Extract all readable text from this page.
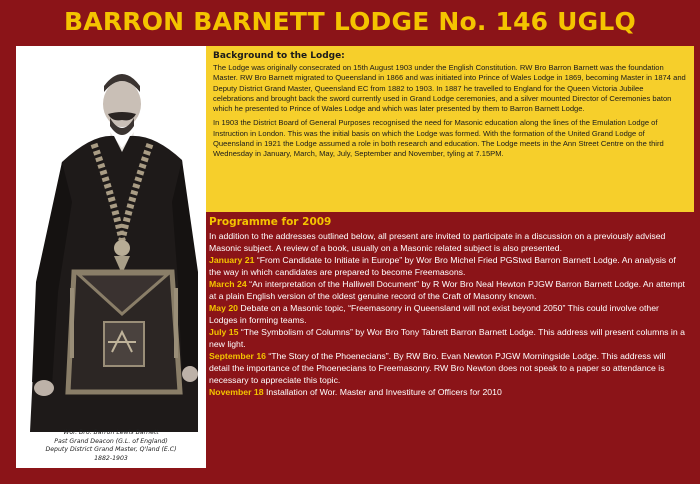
BARRON BARNETT LODGE No. 146 UGLQ
Wor. Bro. Barron Lewis Barnett
Past Grand Deacon (G.L. of England)
Deputy District Grand Master, Q'land (E.C)
1882-1903
Background to the Lodge:

The Lodge was originally consecrated on 15th August 1903 under the English Constitution. RW Bro Barron Barnett was the foundation Master. RW Bro Barnett migrated to Queensland in 1866 and was initiated into Prince of Wales Lodge in 1869, becoming Master in 1874 and Deputy District Grand Master, Queensland EC from 1882 to 1903. In 1887 he travelled to England for the Queen Victoria Jubilee celebrations and brought back the sword currently used in Grand Lodge ceremonies, and a silver mounted Director of Ceremonies baton which he presented to Prince of Wales Lodge and which was later presented by them to Barron Barnett Lodge.

In 1903 the District Board of General Purposes recognised the need for Masonic education along the lines of the Emulation Lodge of Instruction in London. This was the initial basis on which the Lodge was formed. With the formation of the United Grand Lodge of Queensland in 1921 the Lodge assumed a role in both research and education. The Lodge meets in the Ann Street Centre on the third Wednesday in January, March, May, July, September and November, tyling at 7.15PM.

Programme for 2009

In addition to the addresses outlined below, all present are invited to participate in a discussion on a previously advised Masonic subject. A review of a book, usually on a Masonic related subject is also presented.

January 21 “From Candidate to Initiate in Europe” by Wor Bro Michel Fried PGStwd Barron Barnett Lodge. An analysis of the way in which candidates are prepared to become Freemasons.

March 24 “An interpretation of the Halliwell Document” by R Wor Bro Neal Hewton PJGW Barron Barnett Lodge. An attempt at a plain English version of the oldest genuine record of the Craft of Masonry known.

May 20 Debate on a Masonic topic, “Freemasonry in Queensland will not exist beyond 2050” This could involve other Lodges in forming teams.

July 15 “The Symbolism of Columns” by Wor Bro Tony Tabrett Barron Barnett Lodge. This address will present columns in a new light.

September 16 “The Story of the Phoenecians”. By RW Bro. Evan Newton PJGW Morningside Lodge. This address will detail the importance of the Phoenecians to Freemasonry. RW Bro Newton does not speak to a paper so attendance is necessary to appreciate this topic.

November 18 Installation of Wor. Master and Investiture of Officers for 2010
